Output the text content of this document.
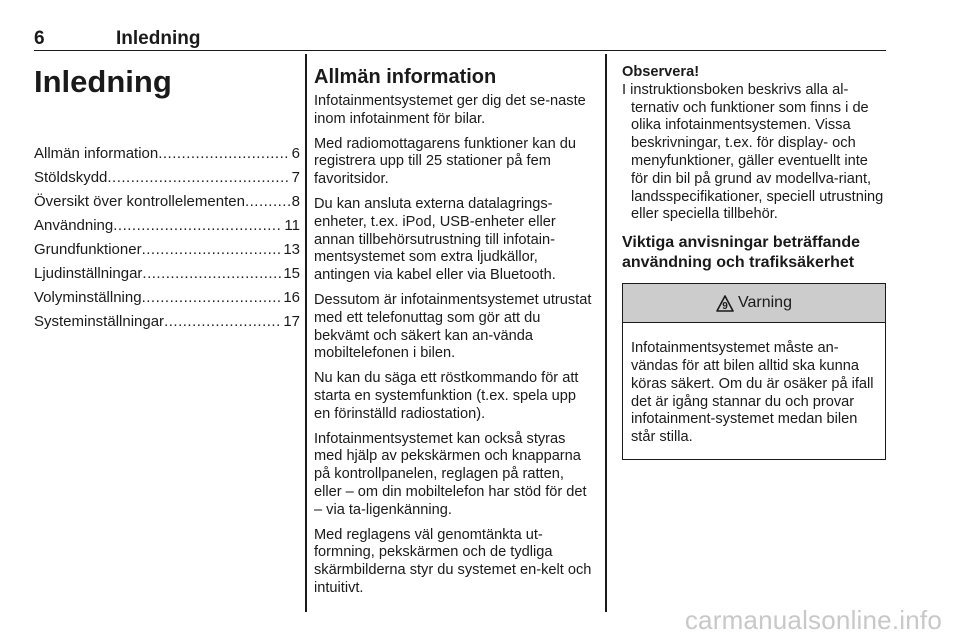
6	Inledning
Inledning
Allmän information .....	6
Stöldskydd .....	7
Översikt över kontrollelementen .....	8
Användning .....	11
Grundfunktioner .....	13
Ljudinställningar .....	15
Volyminställning .....	16
Systeminställningar .....	17
Allmän information

Infotainmentsystemet ger dig det se-naste inom infotainment för bilar.

Med radiomottagarens funktioner kan du registrera upp till 25 stationer på fem favoritsidor.

Du kan ansluta externa datalagrings-enheter, t.ex. iPod, USB-enheter eller annan tillbehörsutrustning till infotain-mentsystemet som extra ljudkällor, antingen via kabel eller via Bluetooth.

Dessutom är infotainmentsystemet utrustat med ett telefonuttag som gör att du bekvämt och säkert kan an-vända mobiltelefonen i bilen.

Nu kan du säga ett röstkommando för att starta en systemfunktion (t.ex. spela upp en förinställd radiostation).

Infotainmentsystemet kan också styras med hjälp av pekskärmen och knapparna på kontrollpanelen, reglagen på ratten, eller – om din mobiltelefon har stöd för det – via ta-ligenkänning.

Med reglagens väl genomtänkta ut-formning, pekskärmen och de tydliga skärmbilderna styr du systemet en-kelt och intuitivt.

Observera!

I instruktionsboken beskrivs alla al-ternativ och funktioner som finns i de olika infotainmentsystemen. Vissa beskrivningar, t.ex. för display- och menyfunktioner, gäller eventuellt inte för din bil på grund av modellva-riant, landsspecifikationer, speciell utrustning eller speciella tillbehör.

Viktiga anvisningar beträffande användning och trafiksäkerhet
9 Varning
Infotainmentsystemet måste an-vändas för att bilen alltid ska kunna köras säkert. Om du är osäker på ifall det är igång stannar du och provar infotainment-systemet medan bilen står stilla.
carmanualsonline.info
